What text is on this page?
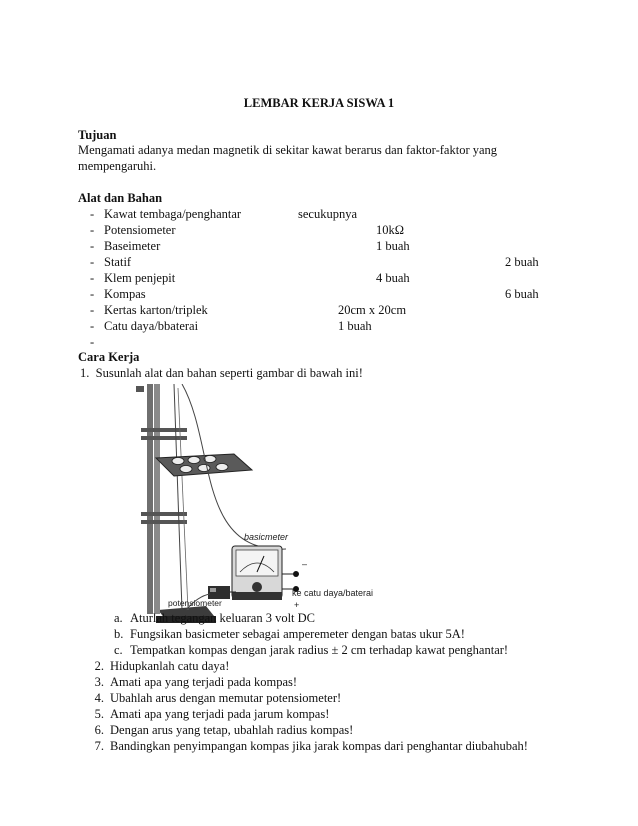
LEMBAR KERJA SISWA 1
Tujuan
Mengamati adanya medan magnetik di sekitar kawat berarus dan faktor-faktor yang
mempengaruhi.
Alat dan Bahan
- Kawat tembaga/penghantar	secukupnya
- Potensiometer	10kΩ
- Baseimeter	1 buah
- Statif	2 buah
- Klem penjepit	4 buah
- Kompas	6 buah
- Kertas karton/triplek	20cm x 20cm
- Catu daya/bbaterai	1 buah
-
Cara Kerja
1.  Susunlah alat dan bahan seperti gambar di bawah ini!
basicmeter
–
ke catu daya/baterai
+
potensiometer
a. Aturlah tegangan keluaran 3 volt DC
b. Fungsikan basicmeter sebagai amperemeter dengan batas ukur 5A!
c. Tempatkan kompas dengan jarak radius ± 2 cm terhadap kawat penghantar!
2. Hidupkanlah catu daya!
3. Amati apa yang terjadi pada kompas!
4. Ubahlah arus dengan memutar potensiometer!
5. Amati apa yang terjadi pada jarum kompas!
6. Dengan arus yang tetap, ubahlah radius kompas!
7. Bandingkan penyimpangan kompas jika jarak kompas dari penghantar diubahubah!
